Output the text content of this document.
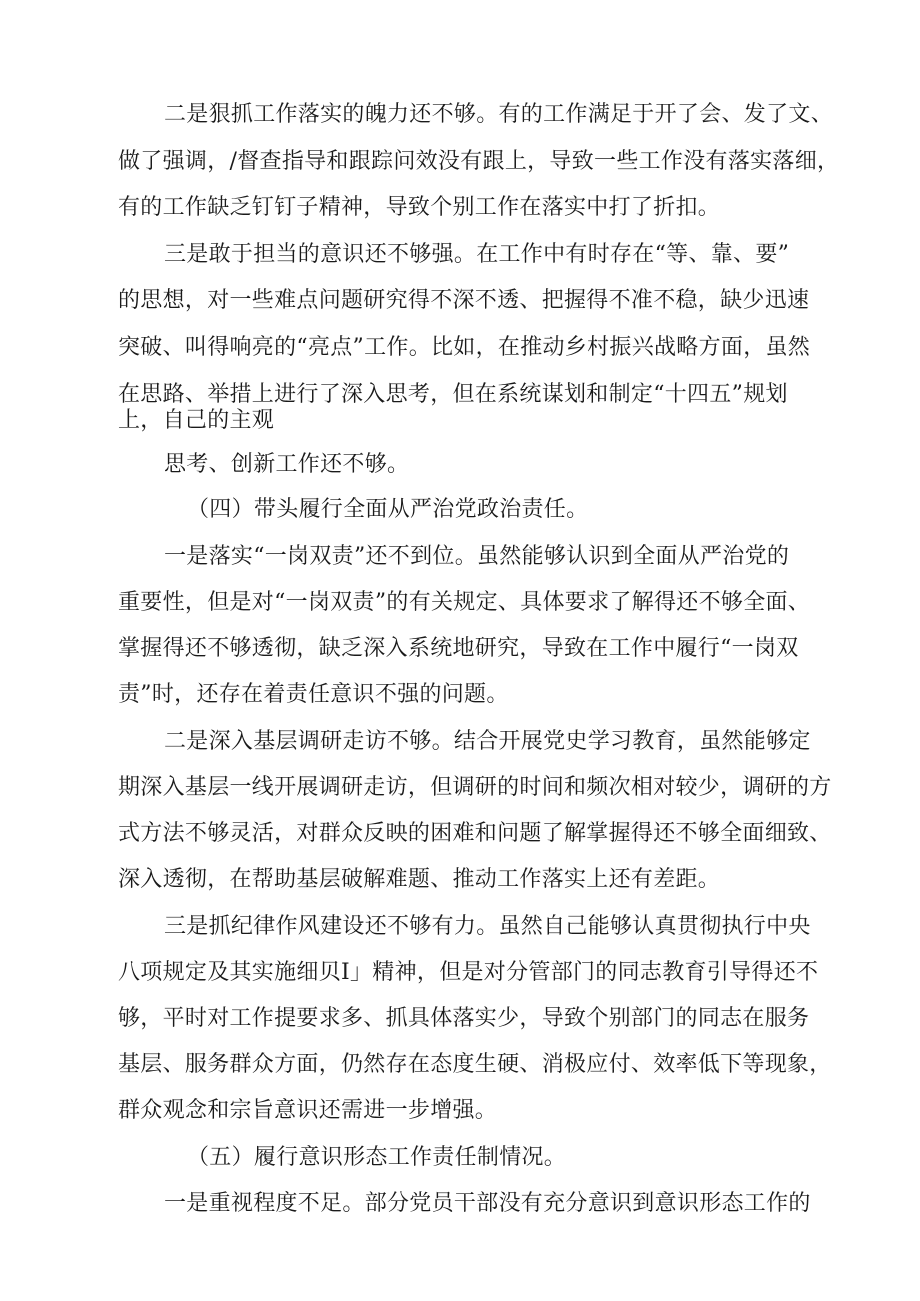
二是狠抓工作落实的魄力还不够。有的工作满足于开了会、发了文、
做了强调，/督查指导和跟踪问效没有跟上，导致一些工作没有落实落细，
有的工作缺乏钉钉子精神，导致个别工作在落实中打了折扣。
三是敢于担当的意识还不够强。在工作中有时存在“等、靠、要”
的思想，对一些难点问题研究得不深不透、把握得不准不稳，缺少迅速
突破、叫得响亮的“亮点”工作。比如，在推动乡村振兴战略方面，虽然
在思路、举措上进行了深入思考，但在系统谋划和制定“十四五”规划
上，自己的主观
思考、创新工作还不够。
（四）带头履行全面从严治党政治责任。
一是落实“一岗双责”还不到位。虽然能够认识到全面从严治党的
重要性，但是对“一岗双责”的有关规定、具体要求了解得还不够全面、
掌握得还不够透彻，缺乏深入系统地研究，导致在工作中履行“一岗双
责”时，还存在着责任意识不强的问题。
二是深入基层调研走访不够。结合开展党史学习教育，虽然能够定
期深入基层一线开展调研走访，但调研的时间和频次相对较少，调研的方
式方法不够灵活，对群众反映的困难和问题了解掌握得还不够全面细致、
深入透彻，在帮助基层破解难题、推动工作落实上还有差距。
三是抓纪律作风建设还不够有力。虽然自己能够认真贯彻执行中央
八项规定及其实施细贝I」精神，但是对分管部门的同志教育引导得还不
够，平时对工作提要求多、抓具体落实少，导致个别部门的同志在服务
基层、服务群众方面，仍然存在态度生硬、消极应付、效率低下等现象，
群众观念和宗旨意识还需进一步增强。
（五）履行意识形态工作责任制情况。
一是重视程度不足。部分党员干部没有充分意识到意识形态工作的
